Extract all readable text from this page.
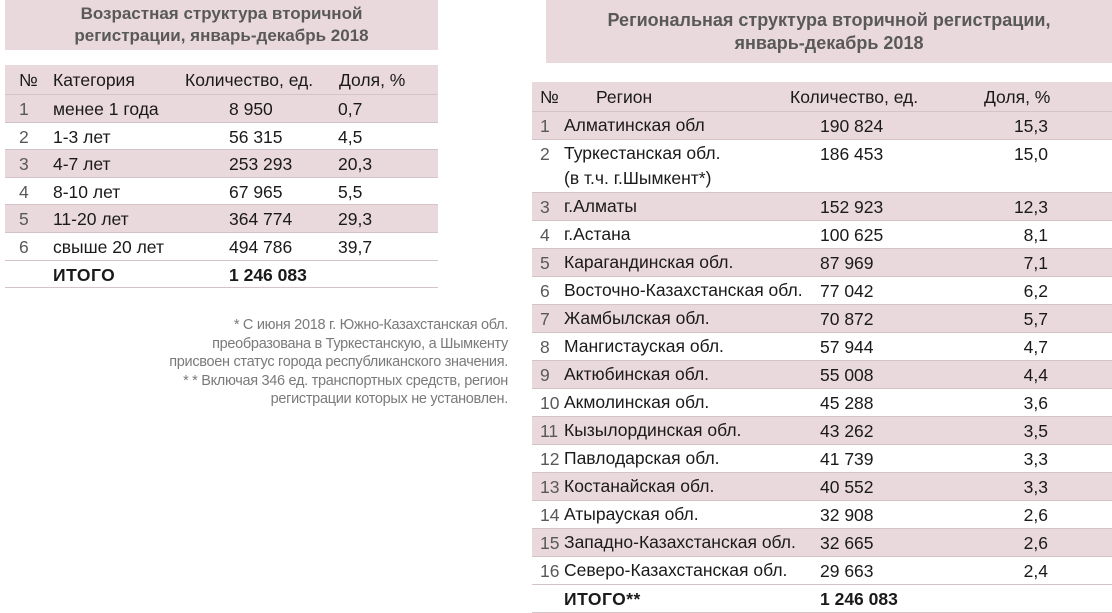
Возрастная структура вторичной
регистрации, январь-декабрь 2018
№ Категория	Количество, ед. Доля, %
1 менее 1 года	8 950	0,7
2 1-3 лет	56 315	4,5
3 4-7 лет	253 293	20,3
4 8-10 лет	67 965	5,5
5 11-20 лет	364 774	29,3
6 свыше 20 лет	494 786	39,7
ИТОГО	1 246 083
* С июня 2018 г. Южно-Казахстанская обл.
преобразована в Туркестанскую, а Шымкенту
присвоен статус города республиканского значения.
* * Включая 346 ед. транспортных средств, регион
регистрации которых не установлен.
Региональная структура вторичной регистрации,
январь-декабрь 2018
№ Регион	Количество, ед.	Доля, %
1 Алматинская обл	190 824	15,3
2 Туркестанская обл.
(в т.ч. г.Шымкент*)
186 453	15,0
3 г.Алматы	152 923	12,3
4 г.Астана	100 625	8,1
5 Карагандинская обл.	87 969	7,1
6 Восточно-Казахстанская обл. 77 042	6,2
7 Жамбылская обл.	70 872	5,7
8 Мангистауская обл.	57 944	4,7
9 Актюбинская обл.	55 008	4,4
10 Акмолинская обл.	45 288	3,6
11 Кызылординская обл.	43 262	3,5
12 Павлодарская обл.	41 739	3,3
13 Костанайская обл.	40 552	3,3
14 Атырауская обл.	32 908	2,6
15 Западно-Казахстанская обл. 32 665	2,6
16 Северо-Казахстанская обл. 29 663	2,4
ИТОГО**	1 246 083
